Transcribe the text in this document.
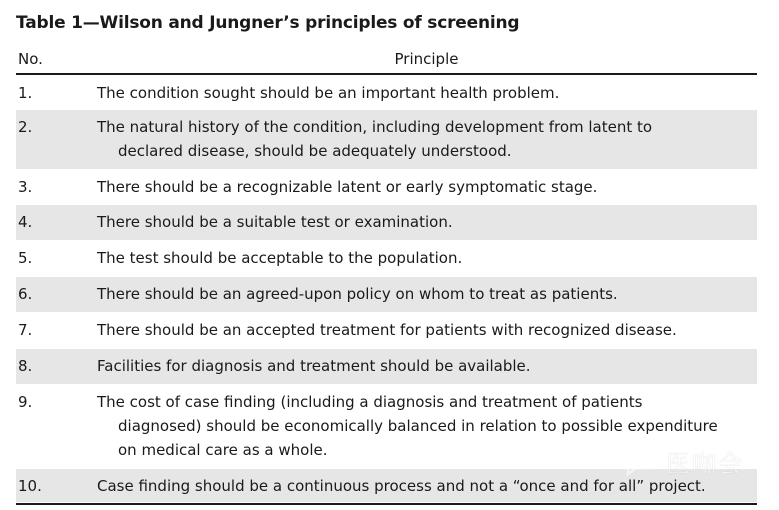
Table 1—Wilson and Jungner’s principles of screening
No.	Principle
1.	The condition sought should be an important health problem.
2.	The natural history of the condition, including development from latent to
declared disease, should be adequately understood.
3.	There should be a recognizable latent or early symptomatic stage.
4.	There should be a suitable test or examination.
5.	The test should be acceptable to the population.
6.	There should be an agreed-upon policy on whom to treat as patients.
7.	There should be an accepted treatment for patients with recognized disease.
8.	Facilities for diagnosis and treatment should be available.
9.	The cost of case finding (including a diagnosis and treatment of patients
diagnosed) should be economically balanced in relation to possible expenditure
on medical care as a whole.
10.	Case finding should be a continuous process and not a “once and for all” project.
医咖会
